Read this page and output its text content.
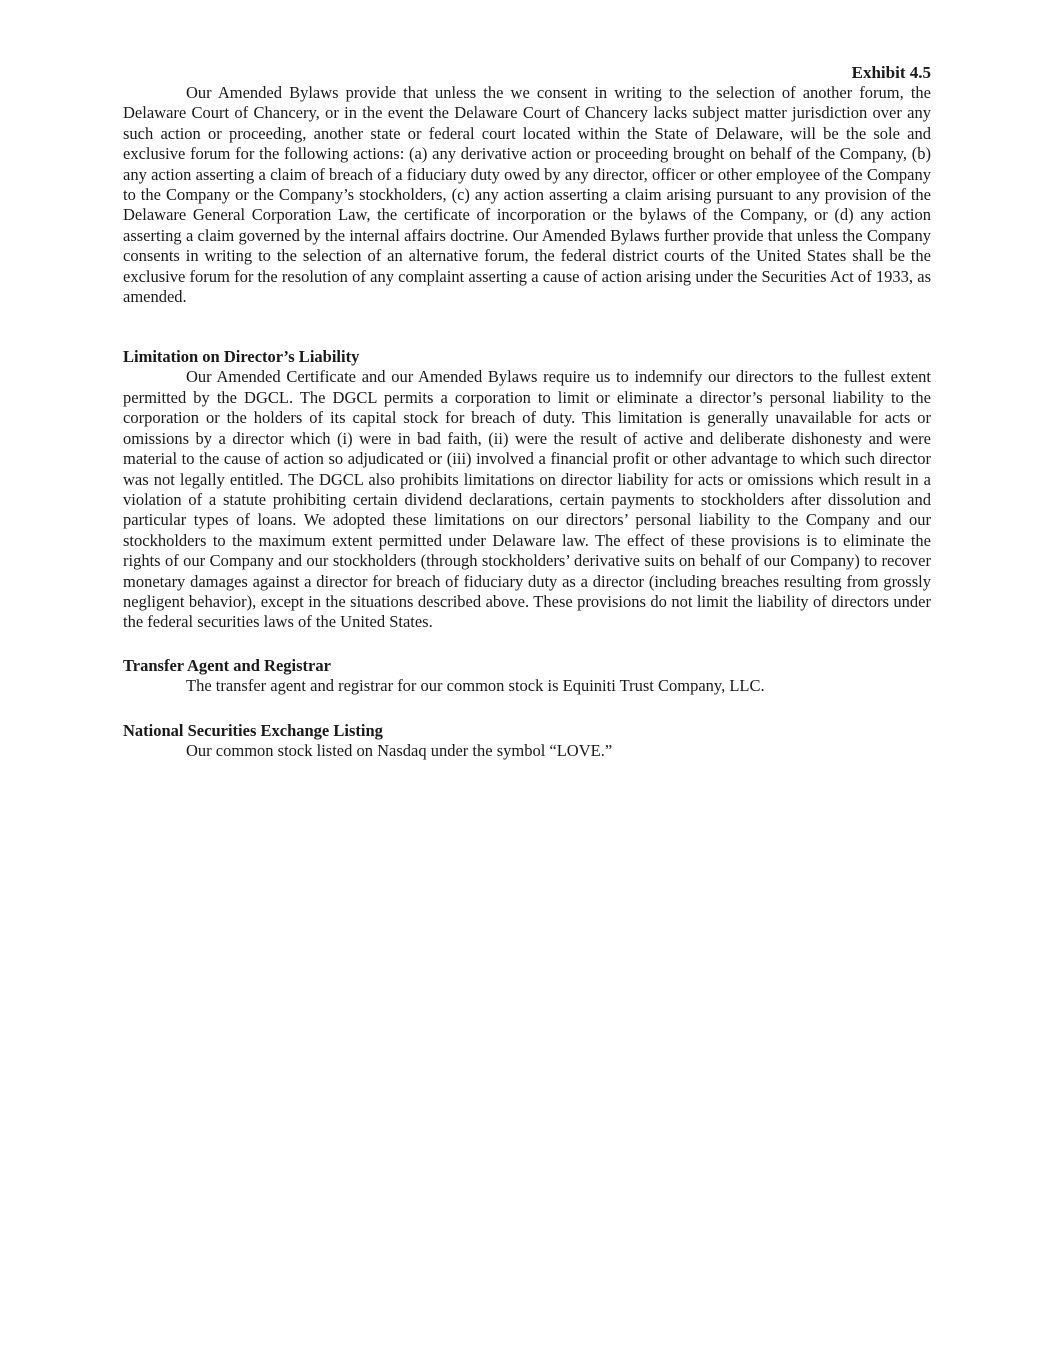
Exhibit 4.5

Our Amended Bylaws provide that unless the we consent in writing to the selection of another forum, the Delaware Court of Chancery, or in the event the Delaware Court of Chancery lacks subject matter jurisdiction over any such action or proceeding, another state or federal court located within the State of Delaware, will be the sole and exclusive forum for the following actions: (a) any derivative action or proceeding brought on behalf of the Company, (b) any action asserting a claim of breach of a fiduciary duty owed by any director, officer or other employee of the Company to the Company or the Company’s stockholders, (c) any action asserting a claim arising pursuant to any provision of the Delaware General Corporation Law, the certificate of incorporation or the bylaws of the Company, or (d) any action asserting a claim governed by the internal affairs doctrine. Our Amended Bylaws further provide that unless the Company consents in writing to the selection of an alternative forum, the federal district courts of the United States shall be the exclusive forum for the resolution of any complaint asserting a cause of action arising under the Securities Act of 1933, as amended.

Limitation on Director’s Liability

Our Amended Certificate and our Amended Bylaws require us to indemnify our directors to the fullest extent permitted by the DGCL. The DGCL permits a corporation to limit or eliminate a director’s personal liability to the corporation or the holders of its capital stock for breach of duty. This limitation is generally unavailable for acts or omissions by a director which (i) were in bad faith, (ii) were the result of active and deliberate dishonesty and were material to the cause of action so adjudicated or (iii) involved a financial profit or other advantage to which such director was not legally entitled. The DGCL also prohibits limitations on director liability for acts or omissions which result in a violation of a statute prohibiting certain dividend declarations, certain payments to stockholders after dissolution and particular types of loans. We adopted these limitations on our directors’ personal liability to the Company and our stockholders to the maximum extent permitted under Delaware law. The effect of these provisions is to eliminate the rights of our Company and our stockholders (through stockholders’ derivative suits on behalf of our Company) to recover monetary damages against a director for breach of fiduciary duty as a director (including breaches resulting from grossly negligent behavior), except in the situations described above. These provisions do not limit the liability of directors under the federal securities laws of the United States.

Transfer Agent and Registrar

The transfer agent and registrar for our common stock is Equiniti Trust Company, LLC.

National Securities Exchange Listing

Our common stock listed on Nasdaq under the symbol “LOVE.”
